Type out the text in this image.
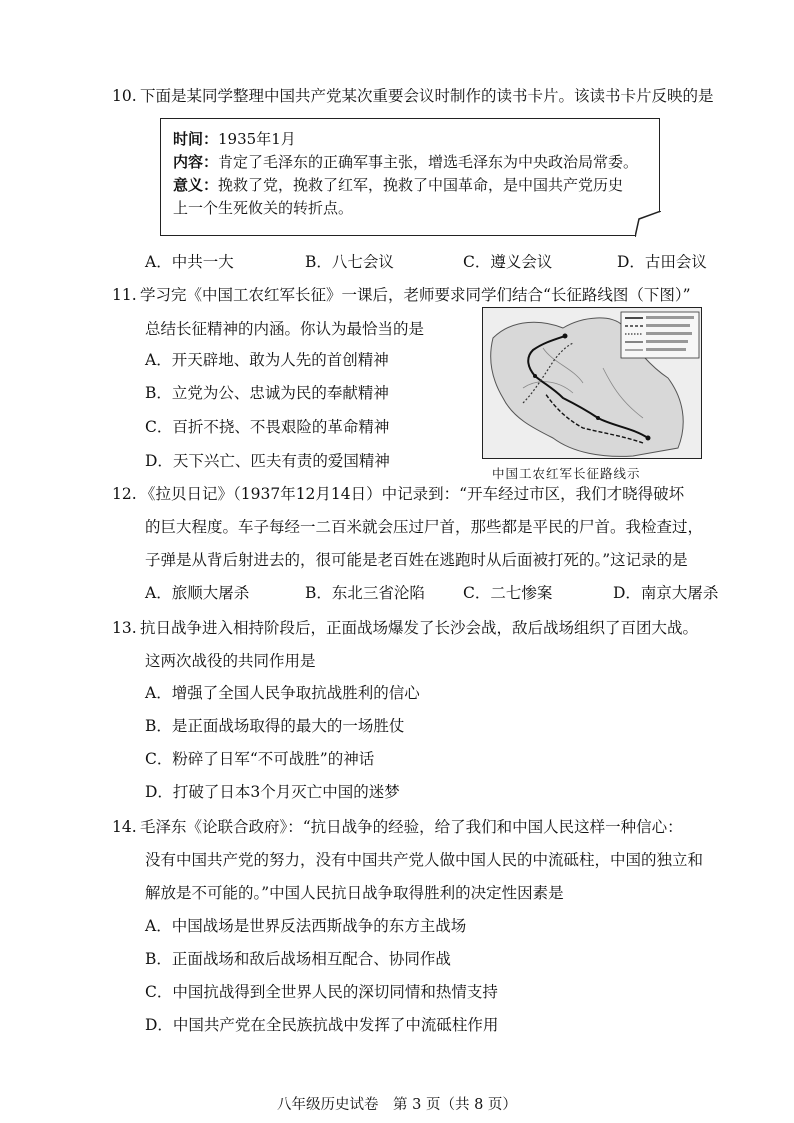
10. 下面是某同学整理中国共产党某次重要会议时制作的读书卡片。该读书卡片反映的是
时间：1935年1月
内容：肯定了毛泽东的正确军事主张，增选毛泽东为中央政治局常委。
意义：挽救了党，挽救了红军，挽救了中国革命，是中国共产党历史
上一个生死攸关的转折点。
A．中共一大	B．八七会议	C．遵义会议	D．古田会议
11. 学习完《中国工农红军长征》一课后，老师要求同学们结合“长征路线图（下图）”
总结长征精神的内涵。你认为最恰当的是
A．开天辟地、敢为人先的首创精神
B．立党为公、忠诚为民的奉献精神
C．百折不挠、不畏艰险的革命精神
D．天下兴亡、匹夫有责的爱国精神
中国工农红军长征路线示
12. 《拉贝日记》（1937年12月14日）中记录到：“开车经过市区，我们才晓得破坏
的巨大程度。车子每经一二百米就会压过尸首，那些都是平民的尸首。我检查过，
子弹是从背后射进去的，很可能是老百姓在逃跑时从后面被打死的。”这记录的是
A．旅顺大屠杀	B．东北三省沦陷 C．二七惨案	D．南京大屠杀
13. 抗日战争进入相持阶段后，正面战场爆发了长沙会战，敌后战场组织了百团大战。
这两次战役的共同作用是
A．增强了全国人民争取抗战胜利的信心
B．是正面战场取得的最大的一场胜仗
C．粉碎了日军“不可战胜”的神话
D．打破了日本3个月灭亡中国的迷梦
14. 毛泽东《论联合政府》：“抗日战争的经验，给了我们和中国人民这样一种信心：
没有中国共产党的努力，没有中国共产党人做中国人民的中流砥柱，中国的独立和
解放是不可能的。”中国人民抗日战争取得胜利的决定性因素是
A．中国战场是世界反法西斯战争的东方主战场
B．正面战场和敌后战场相互配合、协同作战
C．中国抗战得到全世界人民的深切同情和热情支持
D．中国共产党在全民族抗战中发挥了中流砥柱作用
八年级历史试卷　第 3 页（共 8 页）
